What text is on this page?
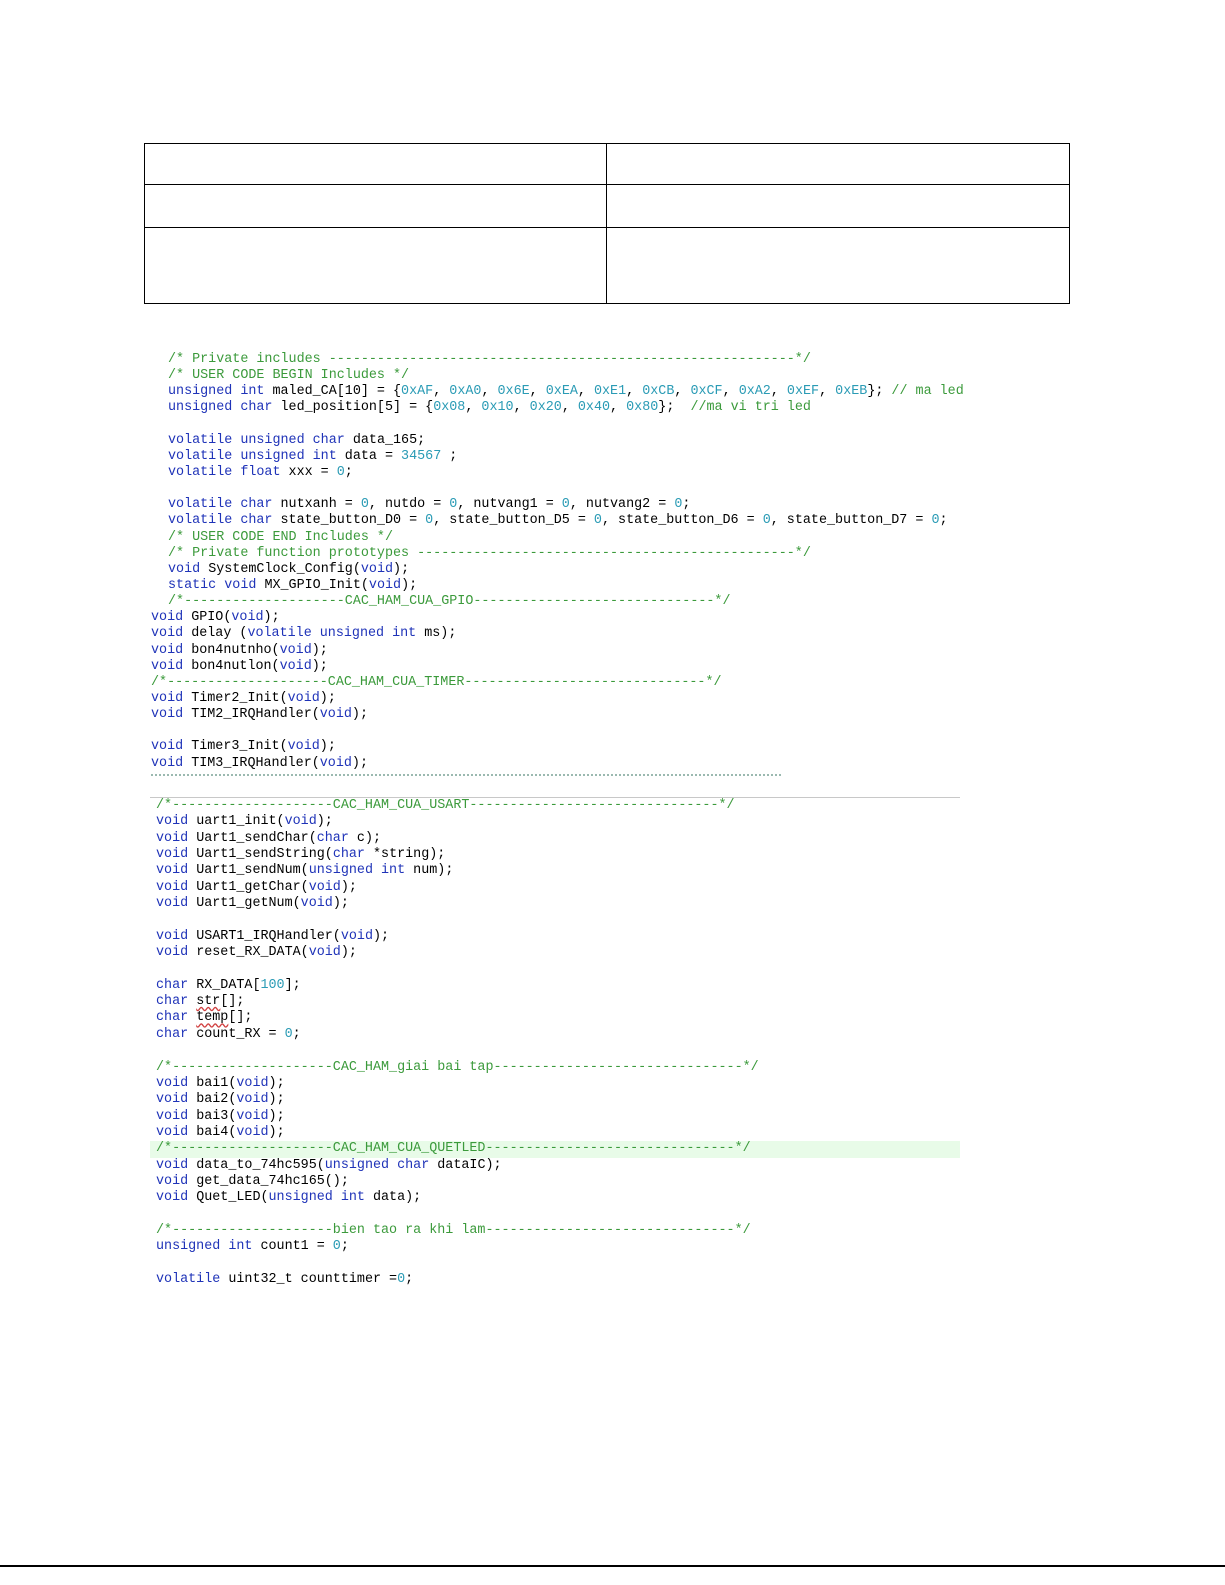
/* Private includes ----------------------------------------------------------*/
/* USER CODE BEGIN Includes */
unsigned int maled_CA[10] = {0xAF, 0xA0, 0x6E, 0xEA, 0xE1, 0xCB, 0xCF, 0xA2, 0xEF, 0xEB}; // ma led
unsigned char led_position[5] = {0x08, 0x10, 0x20, 0x40, 0x80};  //ma vi tri led
volatile unsigned char data_165;
volatile unsigned int data = 34567 ;
volatile float xxx = 0;
volatile char nutxanh = 0, nutdo = 0, nutvang1 = 0, nutvang2 = 0;
volatile char state_button_D0 = 0, state_button_D5 = 0, state_button_D6 = 0, state_button_D7 = 0;
/* USER CODE END Includes */
/* Private function prototypes -----------------------------------------------*/
void SystemClock_Config(void);
static void MX_GPIO_Init(void);
/*--------------------CAC_HAM_CUA_GPIO------------------------------*/
void GPIO(void);
void delay (volatile unsigned int ms);
void bon4nutnho(void);
void bon4nutlon(void);
/*--------------------CAC_HAM_CUA_TIMER------------------------------*/
void Timer2_Init(void);
void TIM2_IRQHandler(void);
void Timer3_Init(void);
void TIM3_IRQHandler(void);
/*--------------------CAC_HAM_CUA_USART-------------------------------*/
void uart1_init(void);
void Uart1_sendChar(char c);
void Uart1_sendString(char *string);
void Uart1_sendNum(unsigned int num);
void Uart1_getChar(void);
void Uart1_getNum(void);
void USART1_IRQHandler(void);
void reset_RX_DATA(void);
char RX_DATA[100];
char str[];
char temp[];
char count_RX = 0;
/*--------------------CAC_HAM_giai bai tap-------------------------------*/
void bai1(void);
void bai2(void);
void bai3(void);
void bai4(void);
/*--------------------CAC_HAM_CUA_QUETLED-------------------------------*/
void data_to_74hc595(unsigned char dataIC);
void get_data_74hc165();
void Quet_LED(unsigned int data);
/*--------------------bien tao ra khi lam-------------------------------*/
unsigned int count1 = 0;
volatile uint32_t counttimer =0;
